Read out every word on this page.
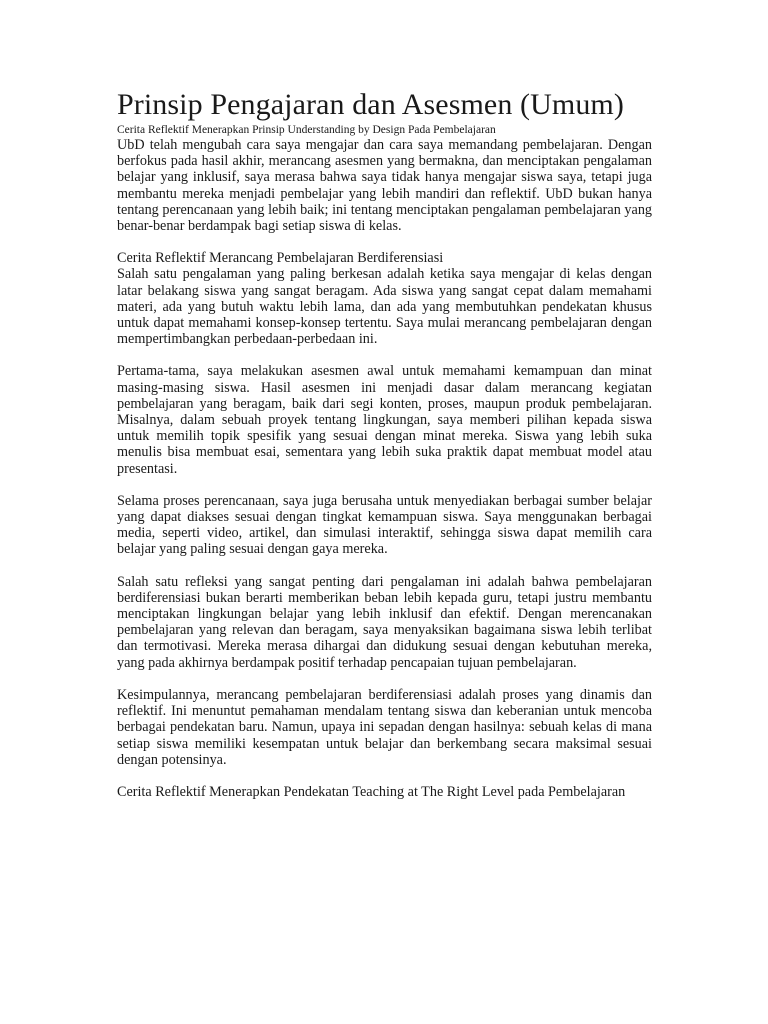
Prinsip Pengajaran dan Asesmen (Umum)
Cerita Reflektif Menerapkan Prinsip Understanding by Design Pada Pembelajaran

UbD telah mengubah cara saya mengajar dan cara saya memandang pembelajaran. Dengan berfokus pada hasil akhir, merancang asesmen yang bermakna, dan menciptakan pengalaman belajar yang inklusif, saya merasa bahwa saya tidak hanya mengajar siswa saya, tetapi juga membantu mereka menjadi pembelajar yang lebih mandiri dan reflektif. UbD bukan hanya tentang perencanaan yang lebih baik; ini tentang menciptakan pengalaman pembelajaran yang benar-benar berdampak bagi setiap siswa di kelas.

Cerita Reflektif Merancang Pembelajaran Berdiferensiasi

Salah satu pengalaman yang paling berkesan adalah ketika saya mengajar di kelas dengan latar belakang siswa yang sangat beragam. Ada siswa yang sangat cepat dalam memahami materi, ada yang butuh waktu lebih lama, dan ada yang membutuhkan pendekatan khusus untuk dapat memahami konsep-konsep tertentu. Saya mulai merancang pembelajaran dengan mempertimbangkan perbedaan-perbedaan ini.

Pertama-tama, saya melakukan asesmen awal untuk memahami kemampuan dan minat masing-masing siswa. Hasil asesmen ini menjadi dasar dalam merancang kegiatan pembelajaran yang beragam, baik dari segi konten, proses, maupun produk pembelajaran. Misalnya, dalam sebuah proyek tentang lingkungan, saya memberi pilihan kepada siswa untuk memilih topik spesifik yang sesuai dengan minat mereka. Siswa yang lebih suka menulis bisa membuat esai, sementara yang lebih suka praktik dapat membuat model atau presentasi.

Selama proses perencanaan, saya juga berusaha untuk menyediakan berbagai sumber belajar yang dapat diakses sesuai dengan tingkat kemampuan siswa. Saya menggunakan berbagai media, seperti video, artikel, dan simulasi interaktif, sehingga siswa dapat memilih cara belajar yang paling sesuai dengan gaya mereka.

Salah satu refleksi yang sangat penting dari pengalaman ini adalah bahwa pembelajaran berdiferensiasi bukan berarti memberikan beban lebih kepada guru, tetapi justru membantu menciptakan lingkungan belajar yang lebih inklusif dan efektif. Dengan merencanakan pembelajaran yang relevan dan beragam, saya menyaksikan bagaimana siswa lebih terlibat dan termotivasi. Mereka merasa dihargai dan didukung sesuai dengan kebutuhan mereka, yang pada akhirnya berdampak positif terhadap pencapaian tujuan pembelajaran.

Kesimpulannya, merancang pembelajaran berdiferensiasi adalah proses yang dinamis dan reflektif. Ini menuntut pemahaman mendalam tentang siswa dan keberanian untuk mencoba berbagai pendekatan baru. Namun, upaya ini sepadan dengan hasilnya: sebuah kelas di mana setiap siswa memiliki kesempatan untuk belajar dan berkembang secara maksimal sesuai dengan potensinya.

Cerita Reflektif Menerapkan Pendekatan Teaching at The Right Level pada Pembelajaran
